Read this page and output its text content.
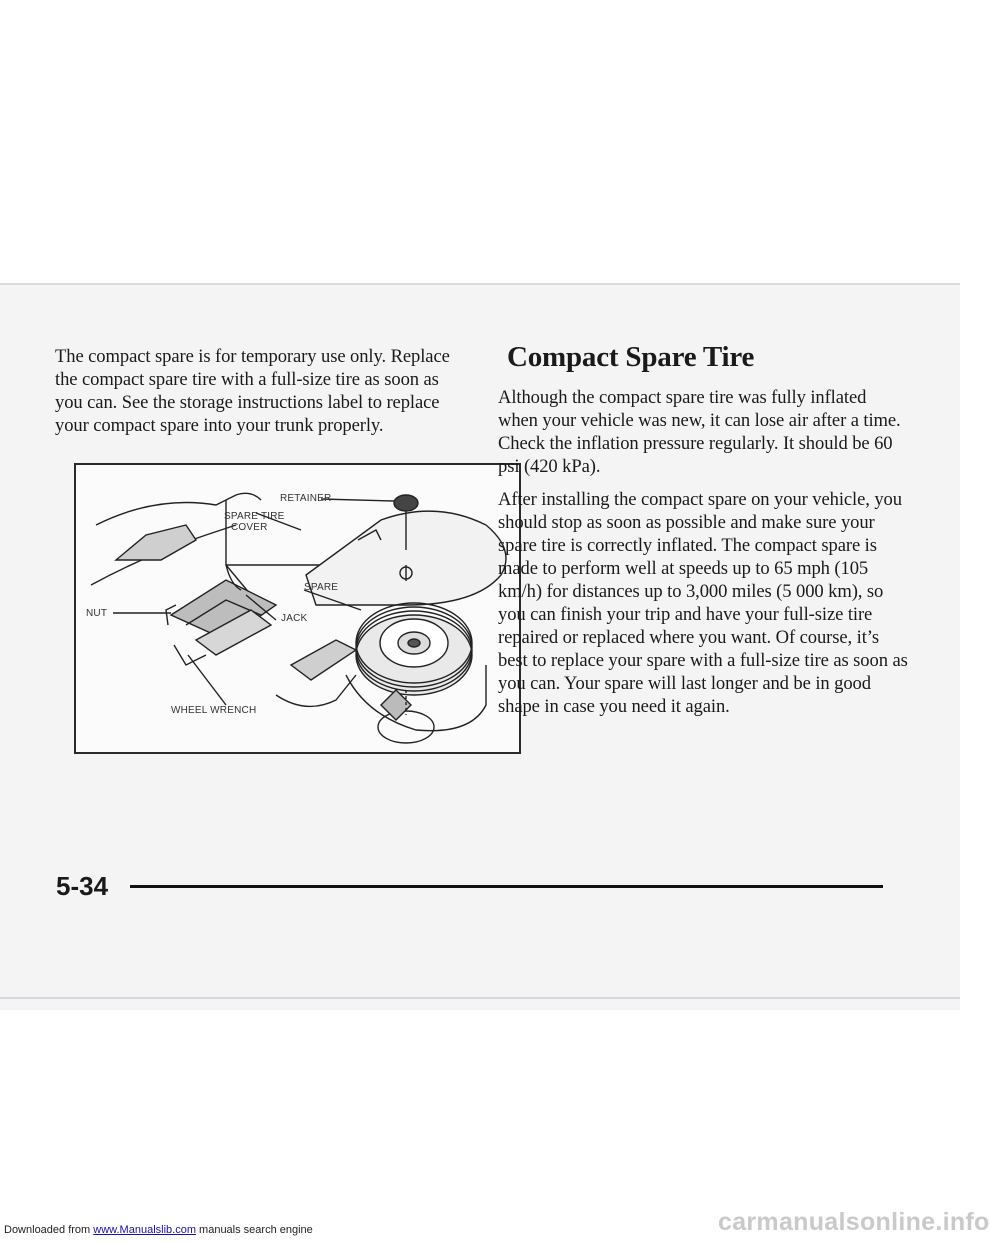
The compact spare is for temporary use only. Replace the compact spare tire with a full-size tire as soon as you can. See the storage instructions label to replace your compact spare into your trunk properly.

RETAINER
SPARE TIRE
COVER
SPARE
NUT	JACK
WHEEL WRENCH
Compact Spare Tire

Although the compact spare tire was fully inflated when your vehicle was new, it can lose air after a time. Check the inflation pressure regularly. It should be 60 psi (420 kPa).

After installing the compact spare on your vehicle, you should stop as soon as possible and make sure your spare tire is correctly inflated. The compact spare is made to perform well at speeds up to 65 mph (105 km/h) for distances up to 3,000 miles (5 000 km), so you can finish your trip and have your full-size tire repaired or replaced where you want. Of course, it’s best to replace your spare with a full-size tire as soon as you can. Your spare will last longer and be in good shape in case you need it again.

5-34
Downloaded from www.Manualslib.com manuals search engine	carmanualsonline.info
